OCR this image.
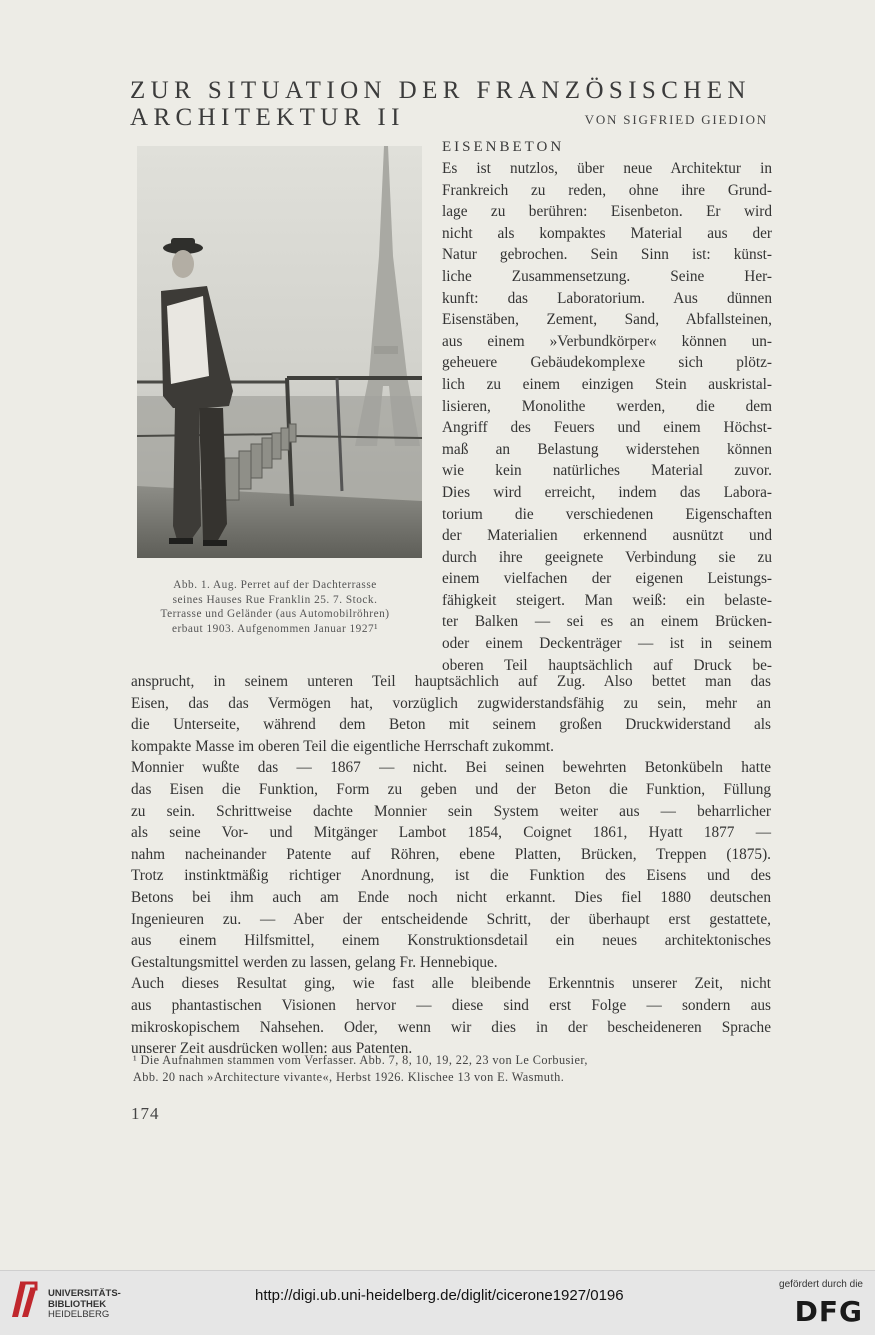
ZUR SITUATION DER FRANZÖSISCHEN
ARCHITEKTUR II	VON SIGFRIED GIEDION
Abb. 1. Aug. Perret auf der Dachterrasse
seines Hauses Rue Franklin 25. 7. Stock.
Terrasse und Geländer (aus Automobilröhren)
erbaut 1903. Aufgenommen Januar 1927¹
EISENBETON
Es ist nutzlos, über neue Architektur in
Frankreich zu reden, ohne ihre Grund-
lage zu berühren: Eisenbeton. Er wird
nicht als kompaktes Material aus der
Natur gebrochen. Sein Sinn ist: künst-
liche Zusammensetzung. Seine Her-
kunft: das Laboratorium. Aus dünnen
Eisenstäben, Zement, Sand, Abfallsteinen,
aus einem »Verbundkörper« können un-
geheuere Gebäudekomplexe sich plötz-
lich zu einem einzigen Stein auskristal-
lisieren, Monolithe werden, die dem
Angriff des Feuers und einem Höchst-
maß an Belastung widerstehen können
wie kein natürliches Material zuvor.
Dies wird erreicht, indem das Labora-
torium die verschiedenen Eigenschaften
der Materialien erkennend ausnützt und
durch ihre geeignete Verbindung sie zu
einem vielfachen der eigenen Leistungs-
fähigkeit steigert. Man weiß: ein belaste-
ter Balken — sei es an einem Brücken-
oder einem Deckenträger — ist in seinem
oberen Teil hauptsächlich auf Druck be-
ansprucht, in seinem unteren Teil hauptsächlich auf Zug. Also bettet man das
Eisen, das das Vermögen hat, vorzüglich zugwiderstandsfähig zu sein, mehr an
die Unterseite, während dem Beton mit seinem großen Druckwiderstand als
kompakte Masse im oberen Teil die eigentliche Herrschaft zukommt.
Monnier wußte das — 1867 — nicht. Bei seinen bewehrten Betonkübeln hatte
das Eisen die Funktion, Form zu geben und der Beton die Funktion, Füllung
zu sein. Schrittweise dachte Monnier sein System weiter aus — beharrlicher
als seine Vor- und Mitgänger Lambot 1854, Coignet 1861, Hyatt 1877 —
nahm nacheinander Patente auf Röhren, ebene Platten, Brücken, Treppen (1875).
Trotz instinktmäßig richtiger Anordnung, ist die Funktion des Eisens und des
Betons bei ihm auch am Ende noch nicht erkannt. Dies fiel 1880 deutschen
Ingenieuren zu. — Aber der entscheidende Schritt, der überhaupt erst gestattete,
aus einem Hilfsmittel, einem Konstruktionsdetail ein neues architektonisches
Gestaltungsmittel werden zu lassen, gelang Fr. Hennebique.
Auch dieses Resultat ging, wie fast alle bleibende Erkenntnis unserer Zeit, nicht
aus phantastischen Visionen hervor — diese sind erst Folge — sondern aus
mikroskopischem Nahsehen. Oder, wenn wir dies in der bescheideneren Sprache
unserer Zeit ausdrücken wollen: aus Patenten.
¹ Die Aufnahmen stammen vom Verfasser. Abb. 7, 8, 10, 19, 22, 23 von Le Corbusier,
Abb. 20 nach »Architecture vivante«, Herbst 1926. Klischee 13 von E. Wasmuth.
174
UNIVERSITÄTS-
BIBLIOTHEK
HEIDELBERG
http://digi.ub.uni-heidelberg.de/diglit/cicerone1927/0196
gefördert durch die
DFG
